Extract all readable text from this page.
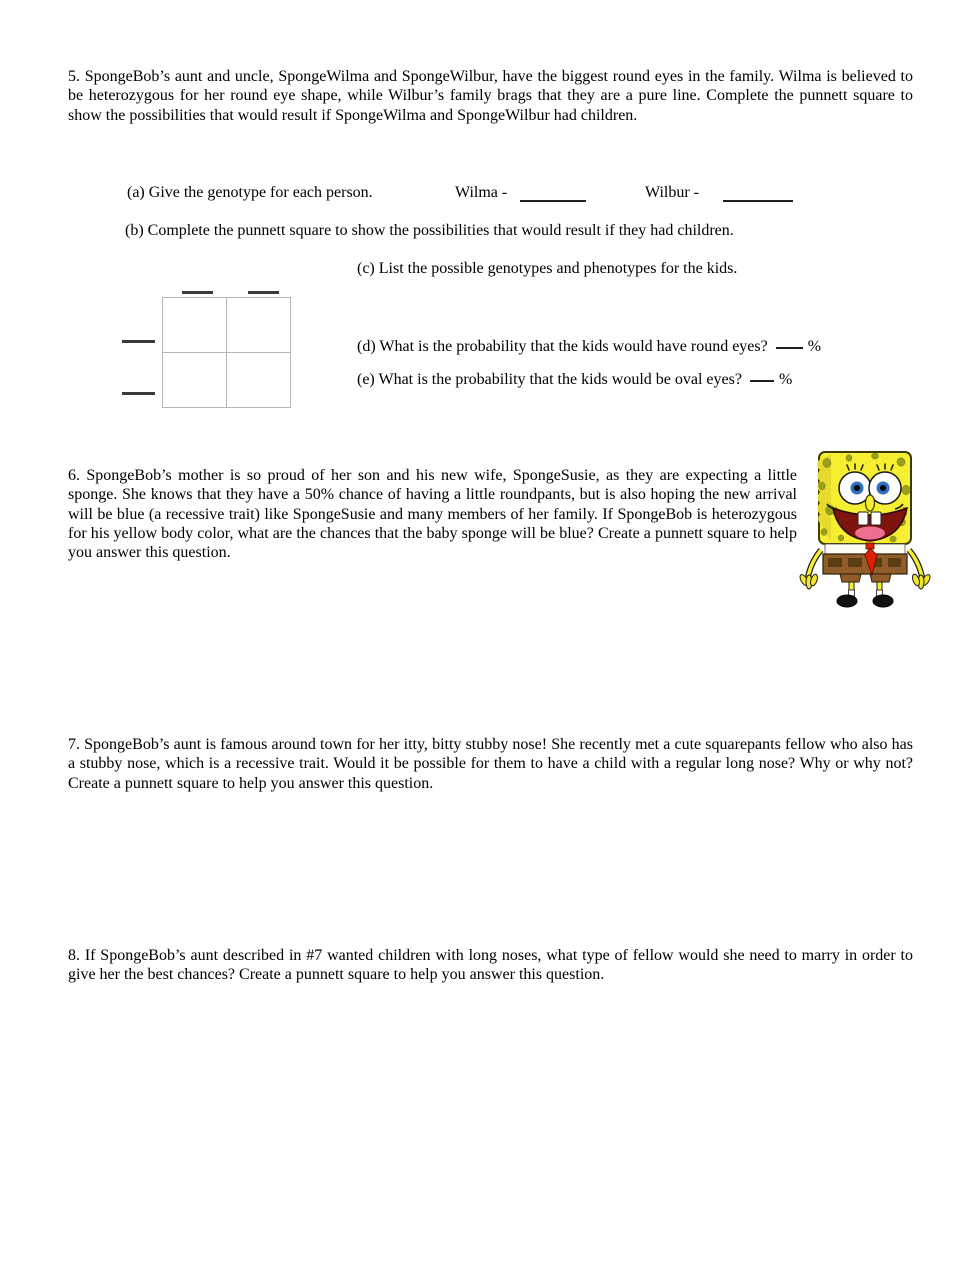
5. SpongeBob’s aunt and uncle, SpongeWilma and SpongeWilbur, have the biggest round eyes in the family. Wilma is believed to be heterozygous for her round eye shape, while Wilbur’s family brags that they are a pure line. Complete the punnett square to show the possibilities that would result if SpongeWilma and SpongeWilbur had children.
(a) Give the genotype for each person.	Wilma -	Wilbur -
(b) Complete the punnett square to show the possibilities that would result if they had children.
(c) List the possible genotypes and phenotypes for the kids.

(d) What is the probability that the kids would have round eyes?	%
(e) What is the probability that the kids would be oval eyes? %
6. SpongeBob’s mother is so proud of her son and his new wife, SpongeSusie, as they are expecting a little sponge. She knows that they have a 50% chance of having a little roundpants, but is also hoping the new arrival will be blue (a recessive trait) like SpongeSusie and many members of her family. If SpongeBob is heterozygous for his yellow body color, what are the chances that the baby sponge will be blue? Create a punnett square to help you answer this question.
7. SpongeBob’s aunt is famous around town for her itty, bitty stubby nose! She recently met a cute squarepants fellow who also has a stubby nose, which is a recessive trait. Would it be possible for them to have a child with a regular long nose? Why or why not? Create a punnett square to help you answer this question.
8. If SpongeBob’s aunt described in #7 wanted children with long noses, what type of fellow would she need to marry in order to give her the best chances? Create a punnett square to help you answer this question.
